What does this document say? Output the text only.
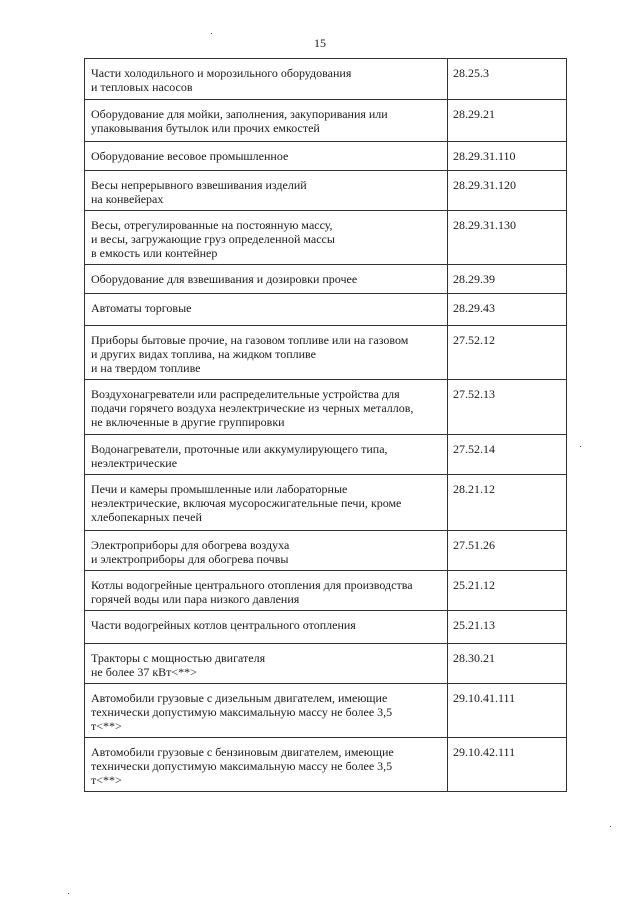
15
Части холодильного и морозильного оборудования
и тепловых насосов	28.25.3
Оборудование для мойки, заполнения, закупоривания или
упаковывания бутылок или прочих емкостей	28.29.21
Оборудование весовое промышленное	28.29.31.110
Весы непрерывного взвешивания изделий
на конвейерах	28.29.31.120
Весы, отрегулированные на постоянную массу,
и весы, загружающие груз определенной массы
в емкость или контейнер	28.29.31.130
Оборудование для взвешивания и дозировки прочее	28.29.39
Автоматы торговые	28.29.43
Приборы бытовые прочие, на газовом топливе или на газовом
и других видах топлива, на жидком топливе
и на твердом топливе	27.52.12
Воздухонагреватели или распределительные устройства для
подачи горячего воздуха неэлектрические из черных металлов,
не включенные в другие группировки	27.52.13
Водонагреватели, проточные или аккумулирующего типа,
неэлектрические	27.52.14
Печи и камеры промышленные или лабораторные
неэлектрические, включая мусоросжигательные печи, кроме
хлебопекарных печей	28.21.12
Электроприборы для обогрева воздуха
и электроприборы для обогрева почвы	27.51.26
Котлы водогрейные центрального отопления для производства
горячей воды или пара низкого давления	25.21.12
Части водогрейных котлов центрального отопления	25.21.13
Тракторы с мощностью двигателя
не более 37 кВт<**>	28.30.21
Автомобили грузовые с дизельным двигателем, имеющие
технически допустимую максимальную массу не более 3,5
т<**>	29.10.41.111
Автомобили грузовые с бензиновым двигателем, имеющие
технически допустимую максимальную массу не более 3,5
т<**>	29.10.42.111
